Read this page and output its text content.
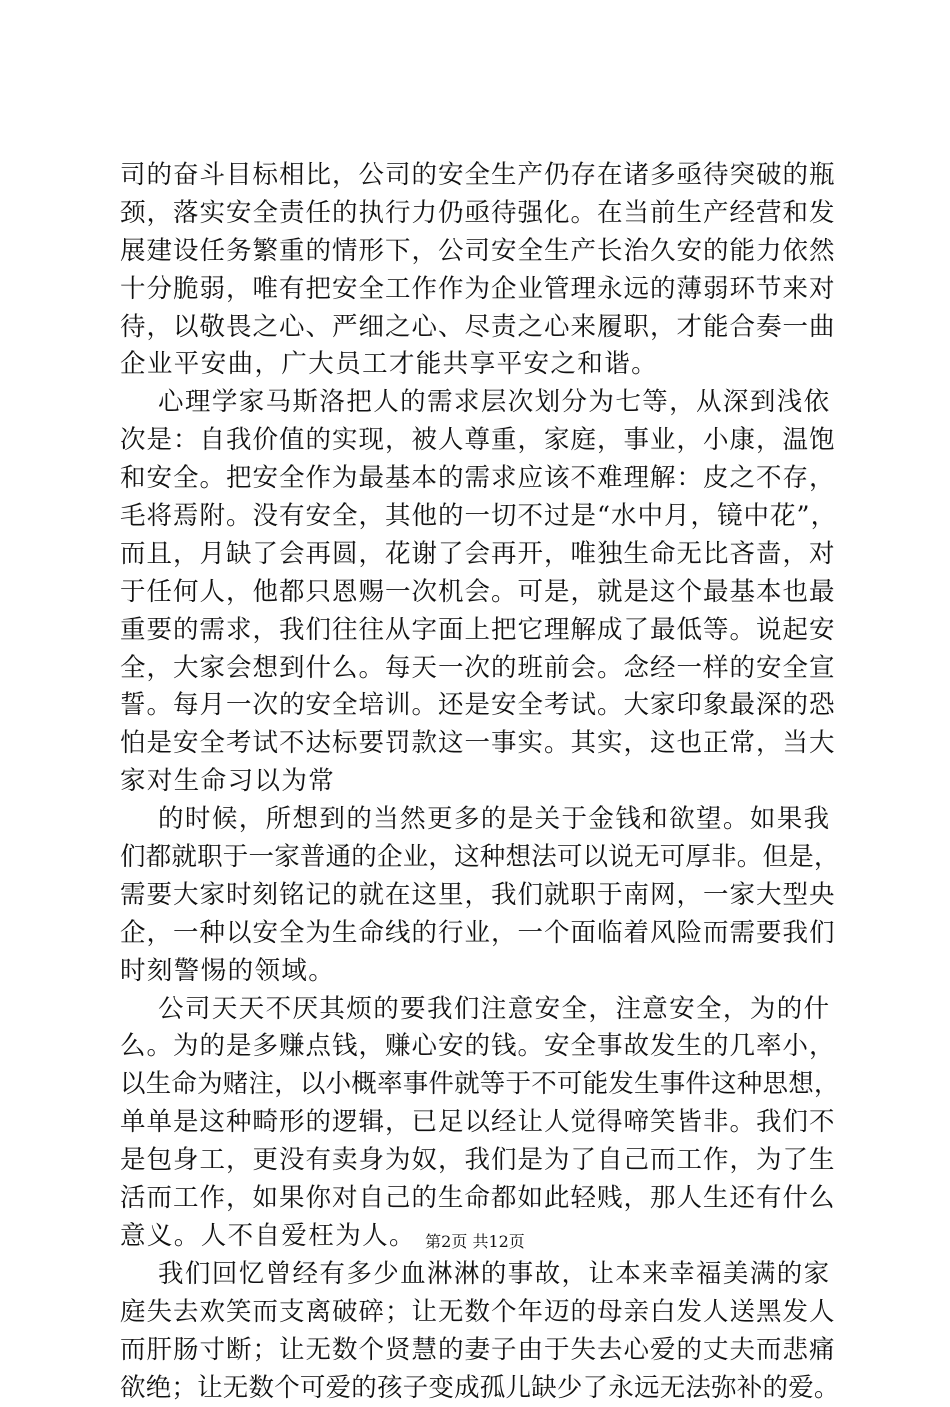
司的奋斗目标相比，公司的安全生产仍存在诸多亟待突破的瓶
颈，落实安全责任的执行力仍亟待强化。在当前生产经营和发
展建设任务繁重的情形下，公司安全生产长治久安的能力依然
十分脆弱，唯有把安全工作作为企业管理永远的薄弱环节来对
待，以敬畏之心、严细之心、尽责之心来履职，才能合奏一曲
企业平安曲，广大员工才能共享平安之和谐。
心理学家马斯洛把人的需求层次划分为七等，从深到浅依
次是：自我价值的实现，被人尊重，家庭，事业，小康，温饱
和安全。把安全作为最基本的需求应该不难理解：皮之不存，
毛将焉附。没有安全，其他的一切不过是“水中月，镜中花”，
而且，月缺了会再圆，花谢了会再开，唯独生命无比吝啬，对
于任何人，他都只恩赐一次机会。可是，就是这个最基本也最
重要的需求，我们往往从字面上把它理解成了最低等。说起安
全，大家会想到什么。每天一次的班前会。念经一样的安全宣
誓。每月一次的安全培训。还是安全考试。大家印象最深的恐
怕是安全考试不达标要罚款这一事实。其实，这也正常，当大
家对生命习以为常
的时候，所想到的当然更多的是关于金钱和欲望。如果我
们都就职于一家普通的企业，这种想法可以说无可厚非。但是，
需要大家时刻铭记的就在这里，我们就职于南网，一家大型央
企，一种以安全为生命线的行业，一个面临着风险而需要我们
时刻警惕的领域。
公司天天不厌其烦的要我们注意安全，注意安全，为的什
么。为的是多赚点钱，赚心安的钱。安全事故发生的几率小，
以生命为赌注，以小概率事件就等于不可能发生事件这种思想，
单单是这种畸形的逻辑，已足以经让人觉得啼笑皆非。我们不
是包身工，更没有卖身为奴，我们是为了自己而工作，为了生
活而工作，如果你对自己的生命都如此轻贱，那人生还有什么
意义。人不自爱枉为人。
我们回忆曾经有多少血淋淋的事故，让本来幸福美满的家
庭失去欢笑而支离破碎；让无数个年迈的母亲白发人送黑发人
而肝肠寸断；让无数个贤慧的妻子由于失去心爱的丈夫而悲痛
欲绝；让无数个可爱的孩子变成孤儿缺少了永远无法弥补的爱。
第2页 共12页
